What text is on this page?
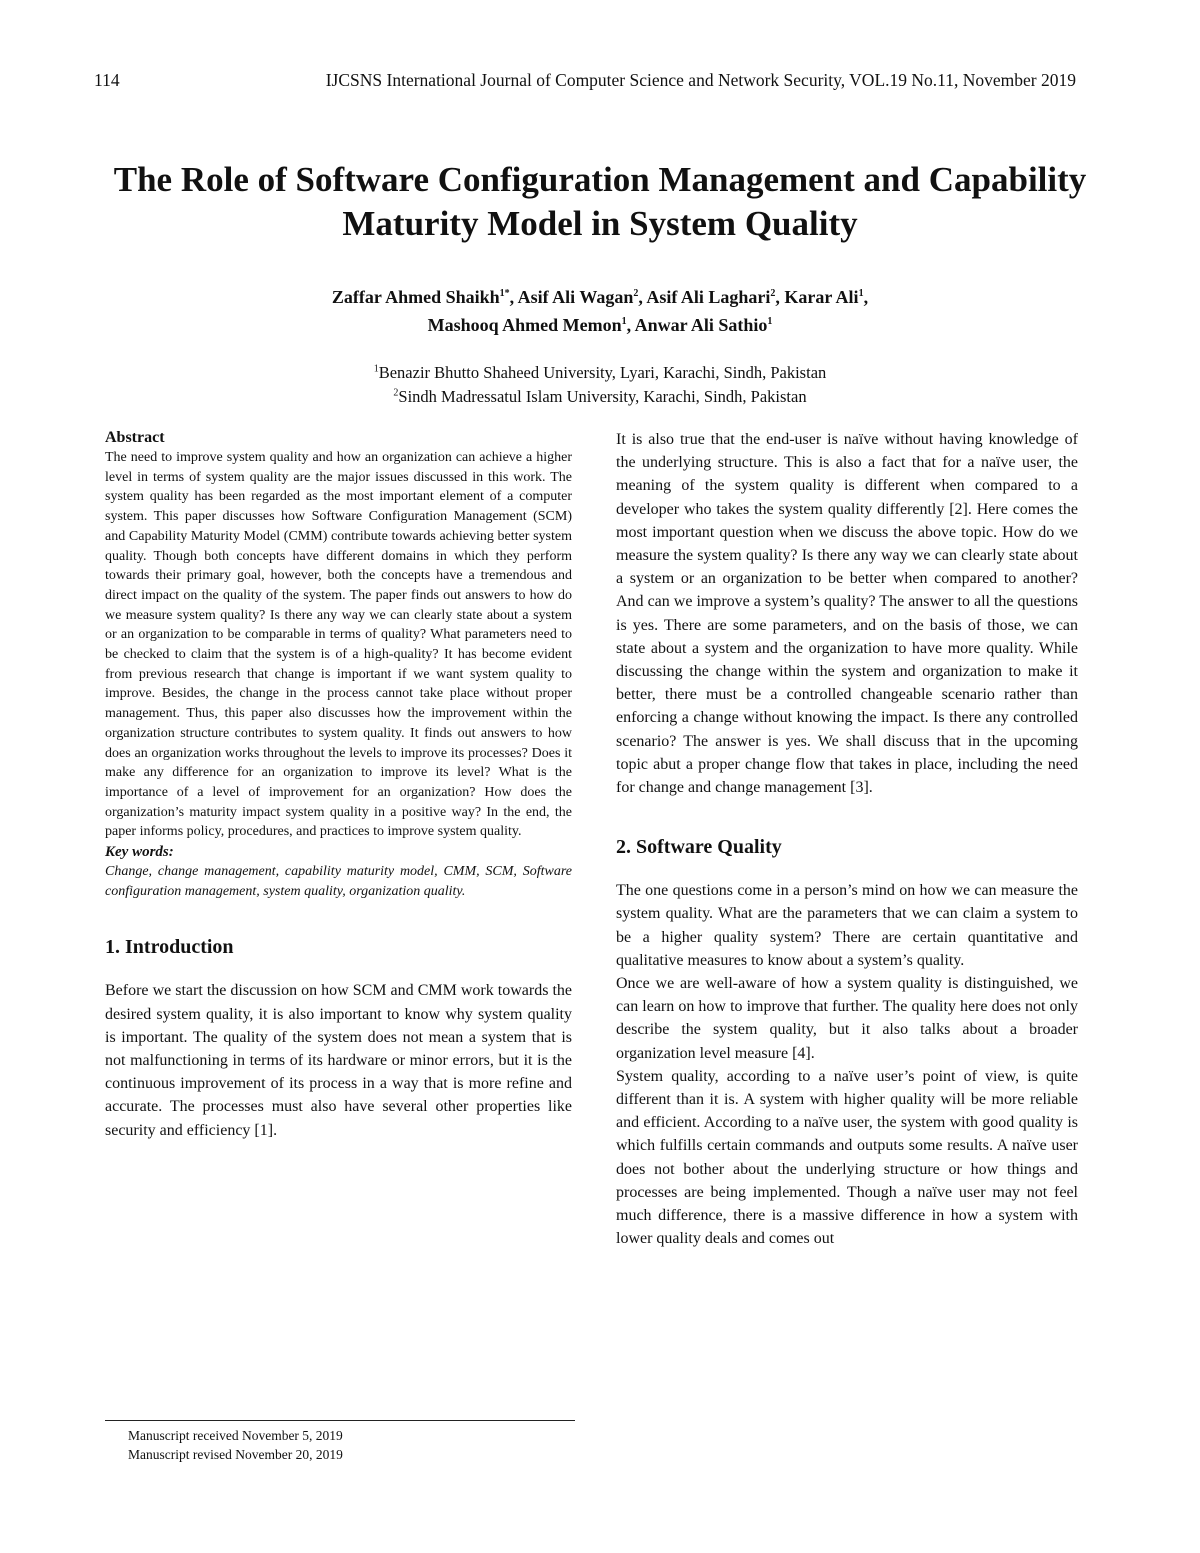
114	IJCSNS International Journal of Computer Science and Network Security, VOL.19 No.11, November 2019
The Role of Software Configuration Management and Capability
Maturity Model in System Quality
Zaffar Ahmed Shaikh$^{1*}$, Asif Ali Wagan$^2$, Asif Ali Laghari$^2$, Karar Ali$^1$,
Mashooq Ahmed Memon$^1$, Anwar Ali Sathio$^1$
$^1$Benazir Bhutto Shaheed University, Lyari, Karachi, Sindh, Pakistan
$^2$Sindh Madressatul Islam University, Karachi, Sindh, Pakistan

Abstract

The need to improve system quality and how an organization can achieve a higher level in terms of system quality are the major issues discussed in this work. The system quality has been regarded as the most important element of a computer system. This paper discusses how Software Configuration Management (SCM) and Capability Maturity Model (CMM) contribute towards achieving better system quality. Though both concepts have different domains in which they perform towards their primary goal, however, both the concepts have a tremendous and direct impact on the quality of the system. The paper finds out answers to how do we measure system quality? Is there any way we can clearly state about a system or an organization to be comparable in terms of quality? What parameters need to be checked to claim that the system is of a high-quality? It has become evident from previous research that change is important if we want system quality to improve. Besides, the change in the process cannot take place without proper management. Thus, this paper also discusses how the improvement within the organization structure contributes to system quality. It finds out answers to how does an organization works throughout the levels to improve its processes? Does it make any difference for an organization to improve its level? What is the importance of a level of improvement for an organization? How does the organization’s maturity impact system quality in a positive way? In the end, the paper informs policy, procedures, and practices to improve system quality.

Key words:

Change, change management, capability maturity model, CMM, SCM, Software configuration management, system quality, organization quality.

1. Introduction

Before we start the discussion on how SCM and CMM work towards the desired system quality, it is also important to know why system quality is important. The quality of the system does not mean a system that is not malfunctioning in terms of its hardware or minor errors, but it is the continuous improvement of its process in a way that is more refine and accurate. The processes must also have several other properties like security and efficiency [1].

It is also true that the end-user is naïve without having knowledge of the underlying structure. This is also a fact that for a naïve user, the meaning of the system quality is different when compared to a developer who takes the system quality differently [2]. Here comes the most important question when we discuss the above topic. How do we measure the system quality? Is there any way we can clearly state about a system or an organization to be better when compared to another? And can we improve a system’s quality? The answer to all the questions is yes. There are some parameters, and on the basis of those, we can state about a system and the organization to have more quality. While discussing the change within the system and organization to make it better, there must be a controlled changeable scenario rather than enforcing a change without knowing the impact. Is there any controlled scenario? The answer is yes. We shall discuss that in the upcoming topic abut a proper change flow that takes in place, including the need for change and change management [3].

2. Software Quality

The one questions come in a person’s mind on how we can measure the system quality. What are the parameters that we can claim a system to be a higher quality system? There are certain quantitative and qualitative measures to know about a system’s quality.

Once we are well-aware of how a system quality is distinguished, we can learn on how to improve that further. The quality here does not only describe the system quality, but it also talks about a broader organization level measure [4].

System quality, according to a naïve user’s point of view, is quite different than it is. A system with higher quality will be more reliable and efficient. According to a naïve user, the system with good quality is which fulfills certain commands and outputs some results. A naïve user does not bother about the underlying structure or how things and processes are being implemented. Though a naïve user may not feel much difference, there is a massive difference in how a system with lower quality deals and comes out

Manuscript received November 5, 2019
Manuscript revised November 20, 2019
